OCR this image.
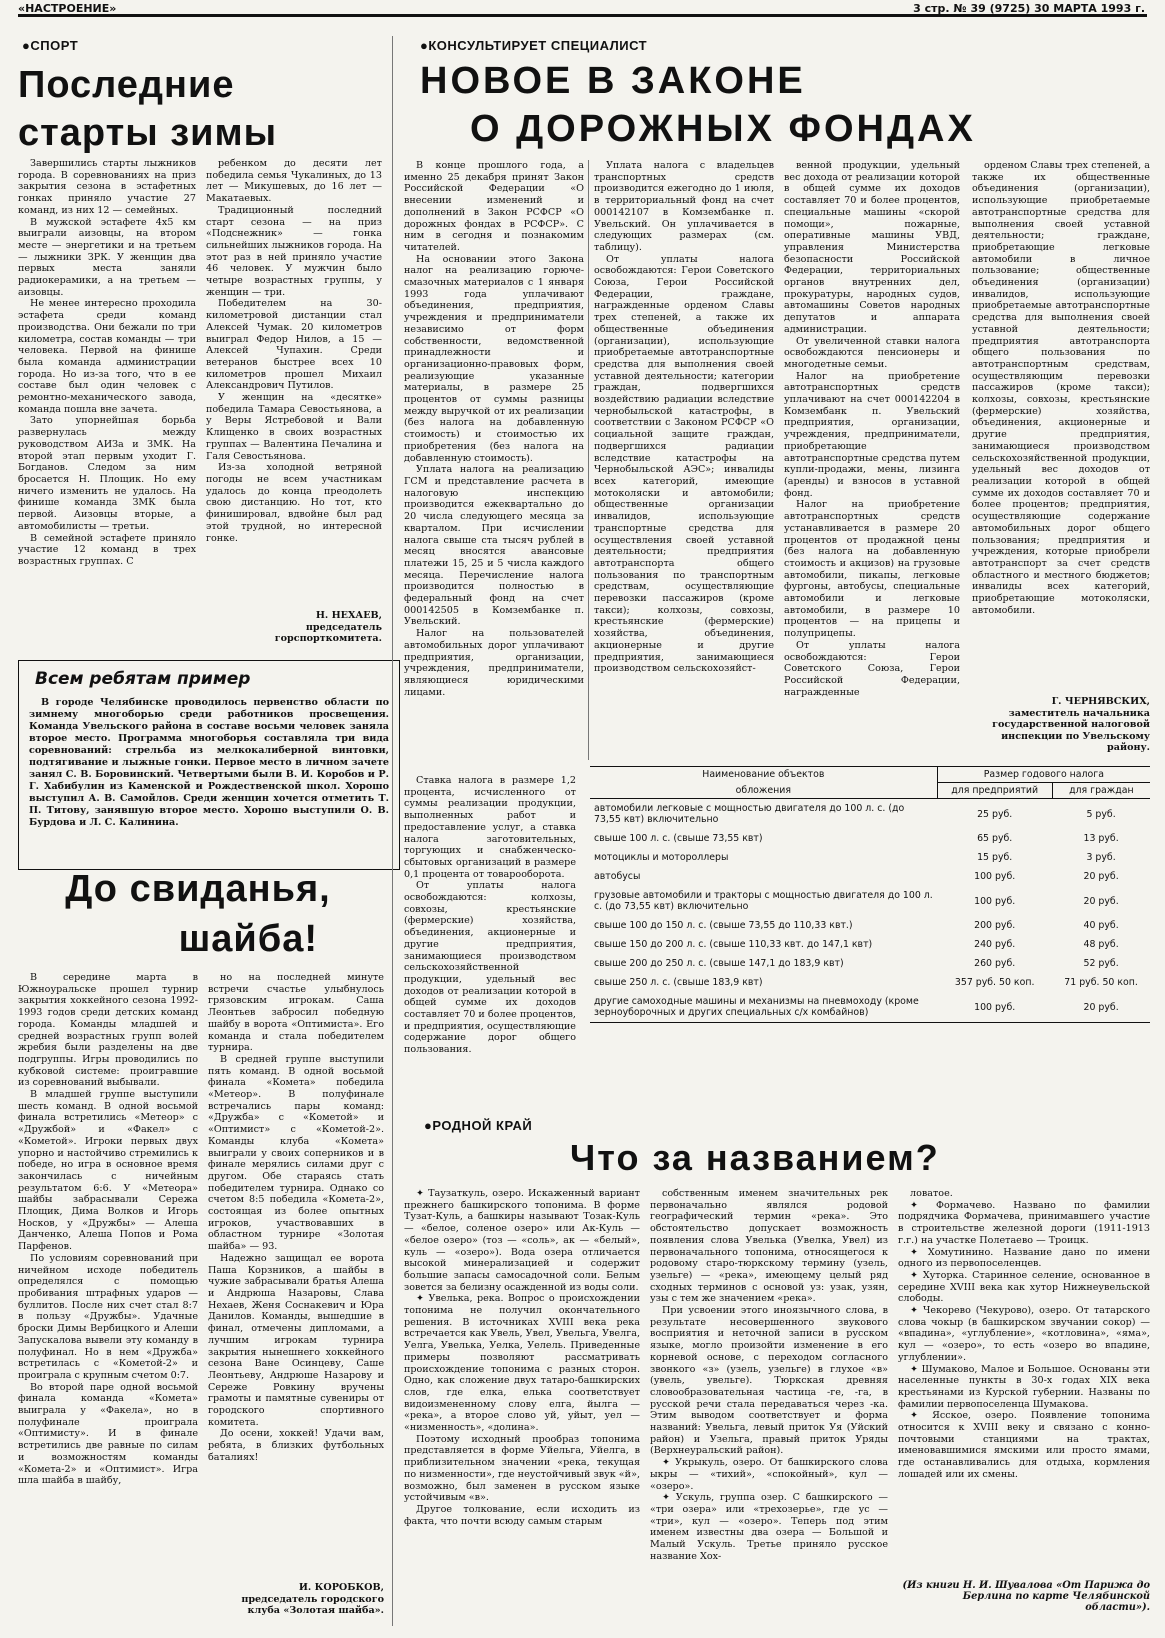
«НАСТРОЕНИЕ»	3 стр. № 39 (9725) 30 МАРТА 1993 г.
● СПОРТ
Последние старты зимы

Завершились старты лыжников города. В соревнованиях на приз закрытия сезона в эстафетных гонках приняло участие 27 команд, из них 12 — семейных.

В мужской эстафете 4х5 км выиграли аизовцы, на втором месте — энергетики и на третьем — лыжники ЗРК. У женщин два первых места заняли радиокерамики, а на третьем — аизовцы.

Не менее интересно проходила эстафета среди команд производства. Они бежали по три километра, состав команды — три человека. Первой на финише была команда администрации города. Но из-за того, что в ее составе был один человек с ремонтно-механического завода, команда пошла вне зачета.

Зато упорнейшая борьба развернулась между руководством АИЗа и ЗМК. На второй этап первым уходит Г. Богданов. Следом за ним бросается Н. Площик. Но ему ничего изменить не удалось. На финише команда ЗМК была первой. Аизовцы вторые, а автомобилисты — третьи.

В семейной эстафете приняло участие 12 команд в трех возрастных группах. С

ребенком до десяти лет победила семья Чукалиных, до 13 лет — Микушевых, до 16 лет — Макатаевых.

Традиционный последний старт сезона — на приз «Подснежник» — гонка сильнейших лыжников города. На этот раз в ней приняло участие 46 человек. У мужчин было четыре возрастных группы, у женщин — три.

Победителем на 30-километровой дистанции стал Алексей Чумак. 20 километров выиграл Федор Нилов, а 15 — Алексей Чупахин. Среди ветеранов быстрее всех 10 километров прошел Михаил Александрович Путилов.

У женщин на «десятке» победила Тамара Севостьянова, а у Веры Ястребовой и Вали Клищенко в своих возрастных группах — Валентина Печалина и Галя Севостьянова.

Из-за холодной ветряной погоды не всем участникам удалось до конца преодолеть свою дистанцию. Но тот, кто финишировал, вдвойне был рад этой трудной, но интересной гонке.

Н. НЕХАЕВ,
председатель горспорткомитета.
Всем ребятам пример
В городе Челябинске проводилось первенство области по зимнему многоборью среди работников просвещения. Команда Увельского района в составе восьми человек заняла второе место. Программа многоборья составляла три вида соревнований: стрельба из мелкокалиберной винтовки, подтягивание и лыжные гонки. Первое место в личном зачете занял С. В. Боровинский. Четвертыми были В. И. Коробов и Р. Г. Хабибулин из Каменской и Рождественской школ. Хорошо выступил А. В. Самойлов. Среди женщин хочется отметить Т. П. Титову, занявшую второе место. Хорошо выступили О. В. Бурдова и Л. С. Калинина.
До свиданья,
шайба!

В середине марта в Южноуральске прошел турнир закрытия хоккейного сезона 1992-1993 годов среди детских команд города. Команды младшей и средней возрастных групп волей жребия были разделены на две подгруппы. Игры проводились по кубковой системе: проигравшие из соревнований выбывали.

В младшей группе выступили шесть команд. В одной восьмой финала встретились «Метеор» с «Дружбой» и «Факел» с «Кометой». Игроки первых двух упорно и настойчиво стремились к победе, но игра в основное время закончилась с ничейным результатом 6:6. У «Метеора» шайбы забрасывали Сережа Площик, Дима Волков и Игорь Носков, у «Дружбы» — Алеша Данченко, Алеша Попов и Рома Парфенов.

По условиям соревнований при ничейном исходе победитель определялся с помощью пробивания штрафных ударов — буллитов. После них счет стал 8:7 в пользу «Дружбы». Удачные броски Димы Вербицкого и Алеши Запускалова вывели эту команду в полуфинал. Но в нем «Дружба» встретилась с «Кометой-2» и проиграла с крупным счетом 0:7.

Во второй паре одной восьмой финала команда «Комета» выиграла у «Факела», но в полуфинале проиграла «Оптимисту». И в финале встретились две равные по силам и возможностям команды «Комета-2» и «Оптимист». Игра шла шайба в шайбу,

но на последней минуте встречи счастье улыбнулось грязовским игрокам. Саша Леонтьев забросил победную шайбу в ворота «Оптимиста». Его команда и стала победителем турнира.

В средней группе выступили пять команд. В одной восьмой финала «Комета» победила «Метеор». В полуфинале встречались пары команд: «Дружба» с «Кометой» и «Оптимист» с «Кометой-2». Команды клуба «Комета» выиграли у своих соперников и в финале мерялись силами друг с другом. Обе стараясь стать победителем турнира. Однако со счетом 8:5 победила «Комета-2», состоящая из более опытных игроков, участвовавших в областном турнире «Золотая шайба» — 93.

Надежно защищал ее ворота Паша Корзников, а шайбы в чужие забрасывали братья Алеша и Андрюша Назаровы, Слава Нехаев, Женя Соснакевич и Юра Данилов. Команды, вышедшие в финал, отмечены дипломами, а лучшим игрокам турнира закрытия нынешнего хоккейного сезона Ване Осинцеву, Саше Леонтьеву, Андрюше Назарову и Сереже Ровкину вручены грамоты и памятные сувениры от городского спортивного комитета.

До осени, хоккей! Удачи вам, ребята, в близких футбольных баталиях!

И. КОРОБКОВ,
председатель городского клуба «Золотая шайба».
● КОНСУЛЬТИРУЕТ СПЕЦИАЛИСТ
НОВОЕ В ЗАКОНЕ
О ДОРОЖНЫХ ФОНДАХ

В конце прошлого года, а именно 25 декабря принят Закон Российской Федерации «О внесении изменений и дополнений в Закон РСФСР «О дорожных фондах в РСФСР». С ним в сегодня и познакомим читателей.

На основании этого Закона налог на реализацию горюче-смазочных материалов с 1 января 1993 года уплачивают объединения, предприятия, учреждения и предприниматели независимо от форм собственности, ведомственной принадлежности и организационно-правовых форм, реализующие указанные материалы, в размере 25 процентов от суммы разницы между выручкой от их реализации (без налога на добавленную стоимость) и стоимостью их приобретения (без налога на добавленную стоимость).

Уплата налога на реализацию ГСМ и представление расчета в налоговую инспекцию производится ежеквартально до 20 числа следующего месяца за кварталом. При исчислении налога свыше ста тысяч рублей в месяц вносятся авансовые платежи 15, 25 и 5 числа каждого месяца. Перечисление налога производится полностью в федеральный фонд на счет 000142505 в Комзембанке п. Увельский.

Налог на пользователей автомобильных дорог уплачивают предприятия, организации, учреждения, предприниматели, являющиеся юридическими лицами.

Ставка налога в размере 1,2 процента, исчисленного от суммы реализации продукции, выполненных работ и предоставление услуг, а ставка налога заготовительных, торгующих и снабженческо-сбытовых организаций в размере 0,1 процента от товарооборота.

От уплаты налога освобождаются: колхозы, совхозы, крестьянские (фермерские) хозяйства, объединения, акционерные и другие предприятия, занимающиеся производством сельскохозяйственной продукции, удельный вес доходов от реализации которой в общей сумме их доходов составляет 70 и более процентов, и предприятия, осуществляющие содержание дорог общего пользования.

Уплата налога с владельцев транспортных средств производится ежегодно до 1 июля, в территориальный фонд на счет 000142107 в Комзембанке п. Увельский. Он уплачивается в следующих размерах (см. таблицу).

От уплаты налога освобождаются: Герои Советского Союза, Герои Российской Федерации, граждане, награжденные орденом Славы трех степеней, а также их общественные объединения (организации), использующие приобретаемые автотранспортные средства для выполнения своей уставной деятельности; категории граждан, подвергшихся воздействию радиации вследствие чернобыльской катастрофы, в соответствии с Законом РСФСР «О социальной защите граждан, подвергшихся радиации вследствие катастрофы на Чернобыльской АЭС»; инвалиды всех категорий, имеющие мотоколяски и автомобили; общественные организации инвалидов, использующие транспортные средства для осуществления своей уставной деятельности; предприятия автотранспорта общего пользования по транспортным средствам, осуществляющие перевозки пассажиров (кроме такси); колхозы, совхозы, крестьянские (фермерские) хозяйства, объединения, акционерные и другие предприятия, занимающиеся производством сельскохозяйст-

венной продукции, удельный вес дохода от реализации которой в общей сумме их доходов составляет 70 и более процентов, специальные машины «скорой помощи», пожарные, оперативные машины УВД, управления Министерства безопасности Российской Федерации, территориальных органов внутренних дел, прокуратуры, народных судов, автомашины Советов народных депутатов и аппарата администрации.

От увеличенной ставки налога освобождаются пенсионеры и многодетные семьи.

Налог на приобретение автотранспортных средств уплачивают на счет 000142204 в Комзембанк п. Увельский предприятия, организации, учреждения, предприниматели, приобретающие автотранспортные средства путем купли-продажи, мены, лизинга (аренды) и взносов в уставной фонд.

Налог на приобретение автотранспортных средств устанавливается в размере 20 процентов от продажной цены (без налога на добавленную стоимость и акцизов) на грузовые автомобили, пикапы, легковые фургоны, автобусы, специальные автомобили и легковые автомобили, в размере 10 процентов — на прицепы и полуприцепы.

От уплаты налога освобождаются: Герои Советского Союза, Герои Российской Федерации, награжденные

орденом Славы трех степеней, а также их общественные объединения (организации), использующие приобретаемые автотранспортные средства для выполнения своей уставной деятельности; граждане, приобретающие легковые автомобили в личное пользование; общественные объединения (организации) инвалидов, использующие приобретаемые автотранспортные средства для выполнения своей уставной деятельности; предприятия автотранспорта общего пользования по автотранспортным средствам, осуществляющим перевозки пассажиров (кроме такси); колхозы, совхозы, крестьянские (фермерские) хозяйства, объединения, акционерные и другие предприятия, занимающиеся производством сельскохозяйственной продукции, удельный вес доходов от реализации которой в общей сумме их доходов составляет 70 и более процентов; предприятия, осуществляющие содержание автомобильных дорог общего пользования; предприятия и учреждения, которые приобрели автотранспорт за счет средств областного и местного бюджетов; инвалиды всех категорий, приобретающие мотоколяски, автомобили.

Г. ЧЕРНЯВСКИХ,
заместитель начальника государственной налоговой инспекции по Увельскому району.
Наименование объектов	Размер годового налога	
обложения	для предприятий	для граждан
автомобили легковые с мощностью двигателя до 100 л. с. (до 73,55 квт) включительно	25 руб.	5 руб.
свыше 100 л. с. (свыше 73,55 квт)	65 руб.	13 руб.
мотоциклы и мотороллеры	15 руб.	3 руб.
автобусы	100 руб.	20 руб.
грузовые автомобили и тракторы с мощностью двигателя до 100 л. с. (до 73,55 квт) включительно	100 руб.	20 руб.
свыше 100 до 150 л. с. (свыше 73,55 до 110,33 квт.)	200 руб.	40 руб.
свыше 150 до 200 л. с. (свыше 110,33 квт. до 147,1 квт)	240 руб.	48 руб.
свыше 200 до 250 л. с. (свыше 147,1 до 183,9 квт)	260 руб.	52 руб.
свыше 250 л. с. (свыше 183,9 квт)	357 руб. 50 коп.	71 руб. 50 коп.
другие самоходные машины и механизмы на пневмоходу (кроме зерноуборочных и других специальных с/х комбайнов)	100 руб.	20 руб.
● РОДНОЙ КРАЙ
Что за названием?

✦ Таузаткуль, озеро. Искаженный вариант прежнего башкирского топонима. В форме Тузат-Куль, а башкиры называют Тозак-Куль — «белое, соленое озеро» или Ак-Куль — «белое озеро» (тоз — «соль», ак — «белый», куль — «озеро»). Вода озера отличается высокой минерализацией и содержит большие запасы самосадочной соли. Белым зовется за белизну осажденной из воды соли.

✦ Увелька, река. Вопрос о происхождении топонима не получил окончательного решения. В источниках XVIII века река встречается как Увель, Увел, Увельга, Увелга, Уелга, Увелька, Уелка, Уелель. Приведенные примеры позволяют рассматривать происхождение топонима с разных сторон. Одно, как сложение двух татаро-башкирских слов, где елка, елька соответствует видоизмененному слову елга, йылга — «река», а второе слово уй, уйыт, уел — «низменность», «долина».

Поэтому исходный прообраз топонима представляется в форме Уйельга, Уйелга, в приблизительном значении «река, текущая по низменности», где неустойчивый звук «й», возможно, был заменен в русском языке устойчивым «в».

Другое толкование, если исходить из факта, что почти всюду самым старым

собственным именем значительных рек первоначально являлся родовой географический термин «река». Это обстоятельство допускает возможность появления слова Увелька (Увелка, Увел) из первоначального топонима, относящегося к родовому старо-тюркскому термину (узель, узельге) — «река», имеющему целый ряд сходных терминов с основой уз: узак, узян, узы с тем же значением «река».

При усвоении этого иноязычного слова, в результате несовершенного звукового восприятия и неточной записи в русском языке, могло произойти изменение в его корневой основе, с переходом согласного звонкого «з» (узель, узельге) в глухое «в» (увель, увельге). Тюркская древняя словообразовательная частица -ге, -га, в русской речи стала передаваться через -ка. Этим выводом соответствует и форма названий: Увельга, левый приток Уя (Уйский район) и Узельга, правый приток Уряды (Верхнеуральский район).

✦ Укрыкуль, озеро. От башкирского слова ыкры — «тихий», «спокойный», кул — «озеро».

✦ Ускуль, группа озер. С башкирского — «три озера» или «трехозерье», где ус — «три», кул — «озеро». Теперь под этим именем известны два озера — Большой и Малый Ускуль. Третье приняло русское название Хох-

ловатое.

✦ Формачево. Названо по фамилии подрядчика Формачева, принимавшего участие в строительстве железной дороги (1911-1913 г.г.) на участке Полетаево — Троицк.

✦ Хомутинино. Название дано по имени одного из первопоселенцев.

✦ Хуторка. Старинное селение, основанное в середине XVIII века как хутор Нижнеувельской слободы.

✦ Чекорево (Чекурово), озеро. От татарского слова чокыр (в башкирском звучании сокор) — «впадина», «углубление», «котловина», «яма», кул — «озеро», то есть «озеро во впадине, углублении».

✦ Шумаково, Малое и Большое. Основаны эти населенные пункты в 30-х годах XIX века крестьянами из Курской губернии. Названы по фамилии первопоселенца Шумакова.

✦ Ясское, озеро. Появление топонима относится к XVIII веку и связано с конно-почтовыми станциями на трактах, именовавшимися ямскими или просто ямами, где останавливались для отдыха, кормления лошадей или их смены.

(Из книги Н. И. Шувалова «От Парижа до Берлина по карте Челябинской области»).
